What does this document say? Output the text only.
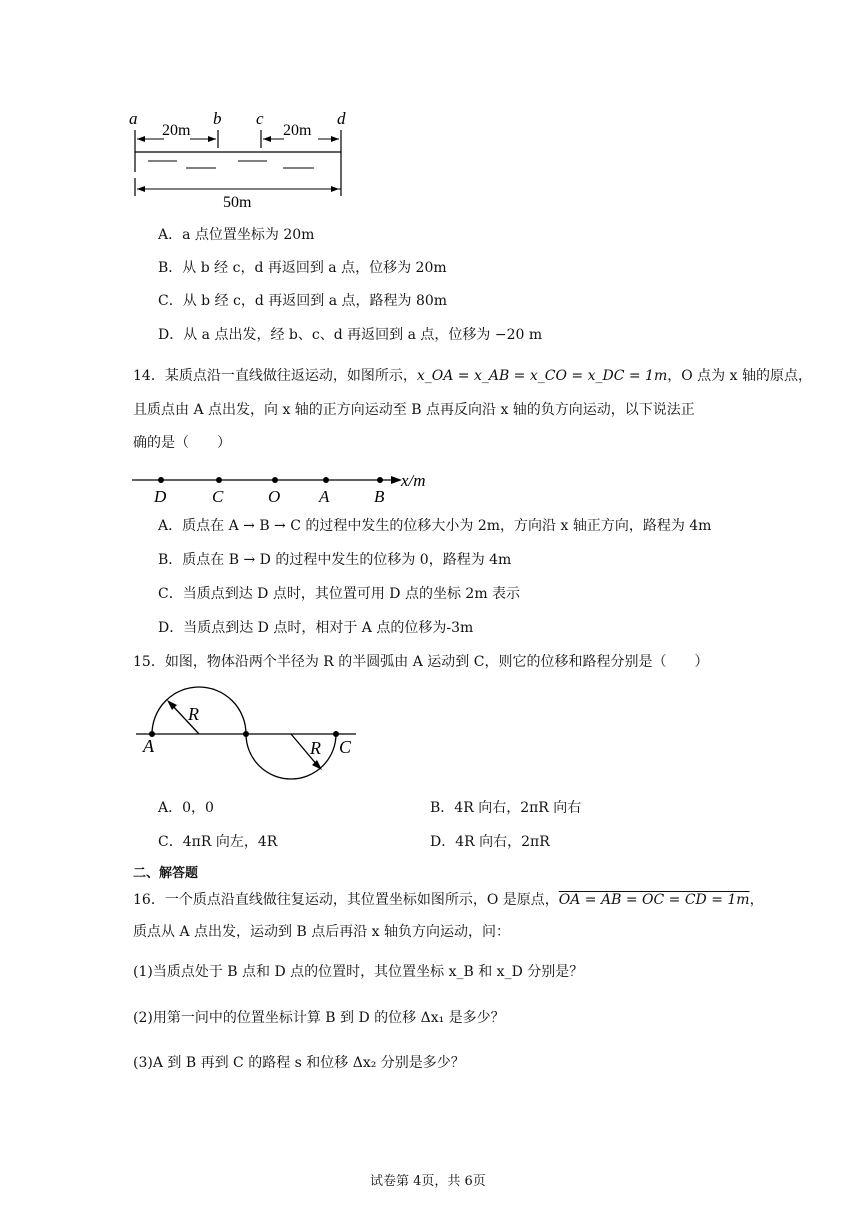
a	b c	d
20m	20m
50m
A．a 点位置坐标为 20m
B．从 b 经 c，d 再返回到 a 点，位移为 20m
C．从 b 经 c，d 再返回到 a 点，路程为 80m
D．从 a 点出发，经 b、c、d 再返回到 a 点，位移为 −20 m
14．某质点沿一直线做往返运动，如图所示，x_OA = x_AB = x_CO = x_DC = 1m，O 点为 x 轴的原点，
且质点由 A 点出发，向 x 轴的正方向运动至 B 点再反向沿 x 轴的负方向运动，以下说法正
确的是（　　）
x/m
D	C	O A	B
A．质点在 A → B → C 的过程中发生的位移大小为 2m，方向沿 x 轴正方向，路程为 4m
B．质点在 B → D 的过程中发生的位移为 0，路程为 4m
C．当质点到达 D 点时，其位置可用 D 点的坐标 2m 表示
D．当质点到达 D 点时，相对于 A 点的位移为-3m
15．如图，物体沿两个半径为 R 的半圆弧由 A 运动到 C，则它的位移和路程分别是（　　）
R
R
A	C
A．0，0	B．4R 向右，2πR 向右
C．4πR 向左，4R	D．4R 向右，2πR
二、解答题
16．一个质点沿直线做往复运动，其位置坐标如图所示，O 是原点，OA = AB = OC = CD = 1m，
质点从 A 点出发，运动到 B 点后再沿 x 轴负方向运动，问：
(1)当质点处于 B 点和 D 点的位置时，其位置坐标 x_B 和 x_D 分别是？
(2)用第一问中的位置坐标计算 B 到 D 的位移 Δx₁ 是多少？
(3)A 到 B 再到 C 的路程 s 和位移 Δx₂ 分别是多少？
试卷第 4页，共 6页
